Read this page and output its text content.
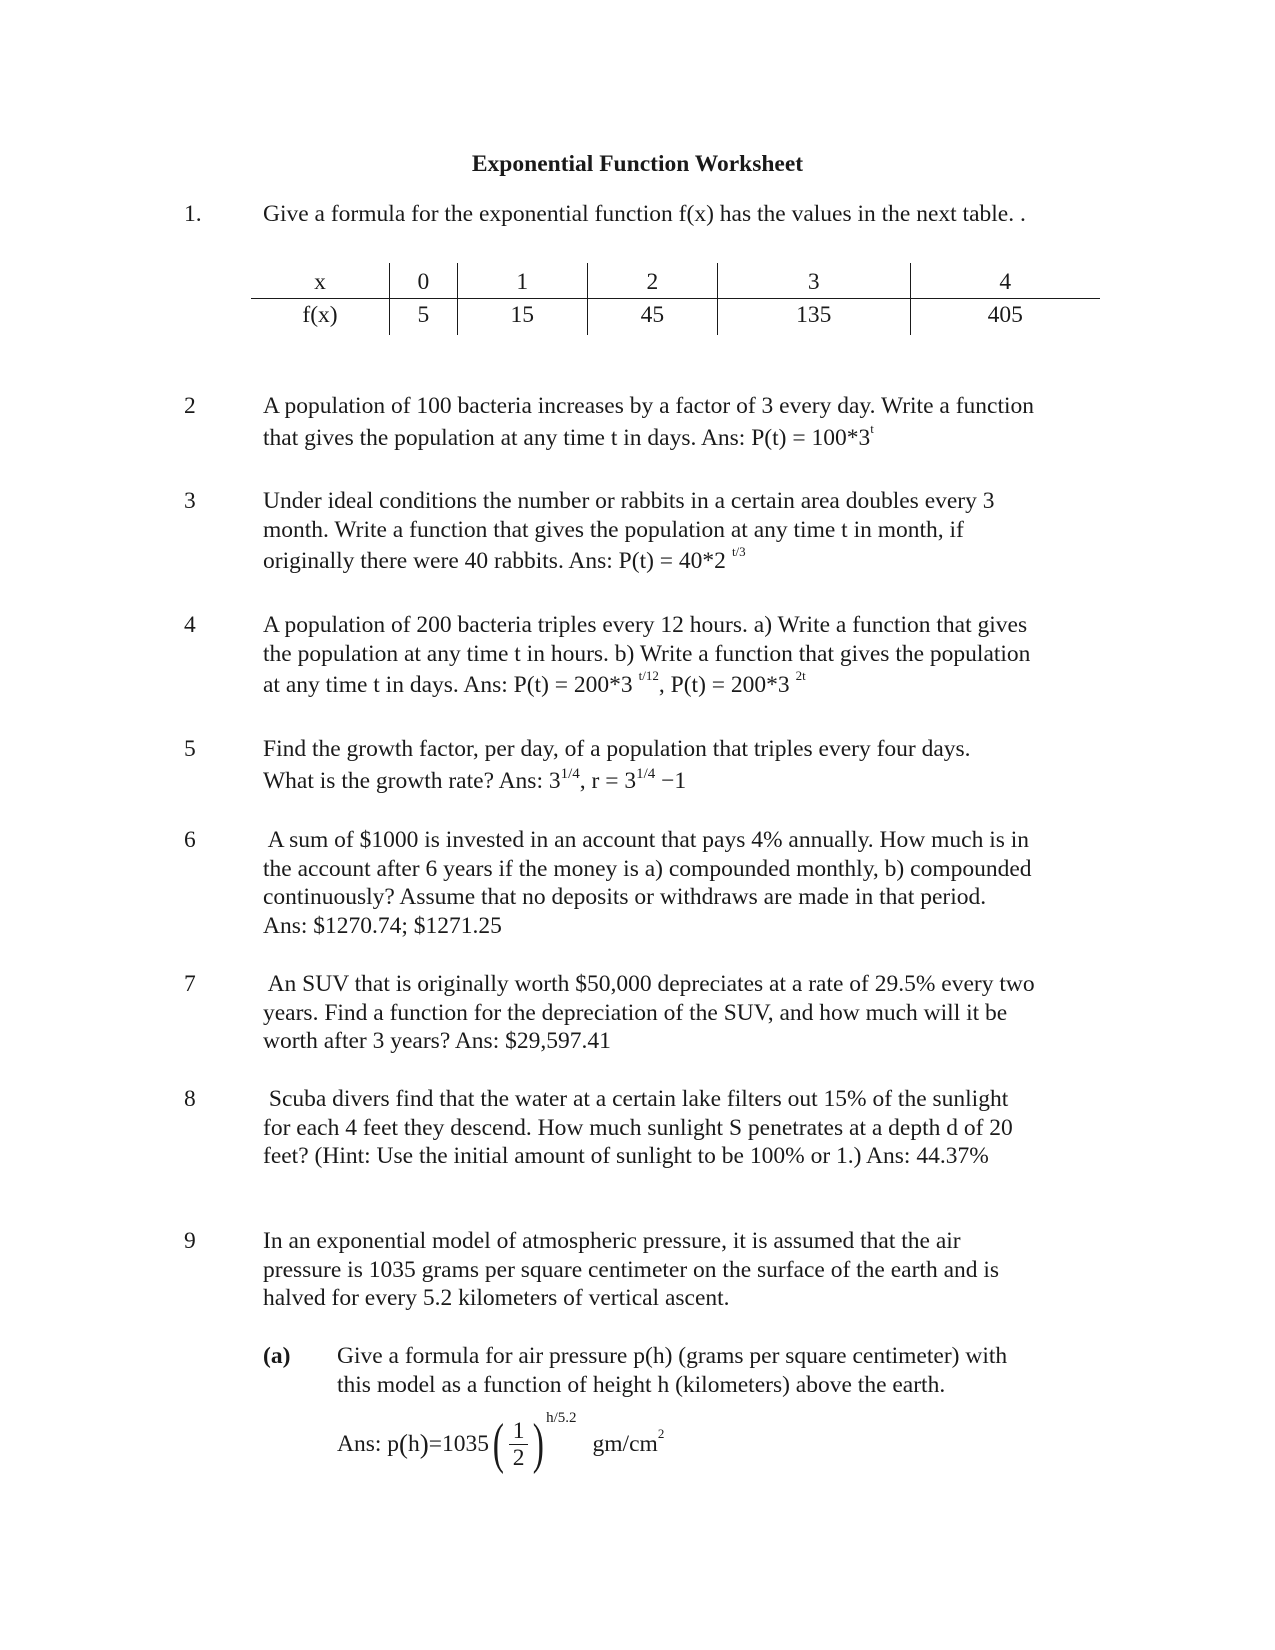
Exponential Function Worksheet
1.	Give a formula for the exponential function f(x) has the values in the next table. .
x	0	1	2	3	4
f(x)	5	15	45	135	405
2	A population of 100 bacteria increases by a factor of 3 every day. Write a function
that gives the population at any time t in days. Ans: $P(t) = 100*3^t$
3	Under ideal conditions the number or rabbits in a certain area doubles every 3
month. Write a function that gives the population at any time t in month, if
originally there were 40 rabbits. Ans: P(t) = 40*2 $^{t/3}$
4	A population of 200 bacteria triples every 12 hours. a) Write a function that gives
the population at any time t in hours. b) Write a function that gives the population
at any time t in days. Ans: P(t) = 200*3 $^{t/12}$, P(t) = 200*3 $^{2t}$
5	Find the growth factor, per day, of a population that triples every four days.
What is the growth rate? Ans: $3^{1/4}$, $r = 3^{1/4} -1$
6	A sum of $1000 is invested in an account that pays 4% annually. How much is in
the account after 6 years if the money is a) compounded monthly, b) compounded
continuously? Assume that no deposits or withdraws are made in that period.
Ans: $1270.74; $1271.25
7	An SUV that is originally worth $50,000 depreciates at a rate of 29.5% every two
years. Find a function for the depreciation of the SUV, and how much will it be
worth after 3 years? Ans: $29,597.41
8	Scuba divers find that the water at a certain lake filters out 15% of the sunlight
for each 4 feet they descend. How much sunlight S penetrates at a depth d of 20
feet? (Hint: Use the initial amount of sunlight to be 100% or 1.) Ans: 44.37%
9	In an exponential model of atmospheric pressure, it is assumed that the air
pressure is 1035 grams per square centimeter on the surface of the earth and is
halved for every 5.2 kilometers of vertical ascent.
(a) Give a formula for air pressure p(h) (grams per square centimeter) with
this model as a function of height h (kilometers) above the earth.
Ans: p ( h ) =1035 ( $\frac{1}{2}$ ) h/5.2
$gm/cm^2$
